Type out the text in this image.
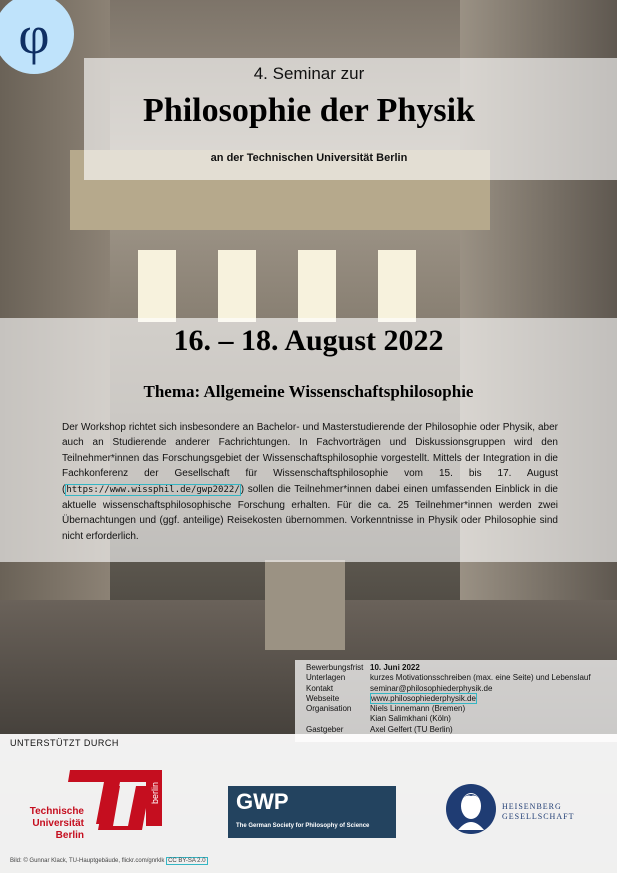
φ
4. Seminar zur
Philosophie der Physik
an der Technischen Universität Berlin
16. – 18. August 2022
Thema: Allgemeine Wissenschaftsphilosophie

Der Workshop richtet sich insbesondere an Bachelor- und Masterstudierende der Philosophie oder Physik, aber auch an Studierende anderer Fachrichtungen. In Fachvorträgen und Diskussionsgruppen wird den Teilnehmer*innen das Forschungsgebiet der Wissenschaftsphilosophie vorgestellt. Mittels der Integration in die Fachkonferenz der Gesellschaft für Wissenschaftsphilosophie vom 15. bis 17. August (https://www.wissphil.de/gwp2022/) sollen die Teilnehmer*innen dabei einen umfassenden Einblick in die aktuelle wissenschaftsphilosophische Forschung erhalten. Für die ca. 25 Teilnehmer*innen werden zwei Übernachtungen und (ggf. anteilige) Reisekosten übernommen. Vorkenntnisse in Physik oder Philosophie sind nicht erforderlich.

Bewerbungsfrist 10. Juni 2022
Unterlagen	kurzes Motivationsschreiben (max. eine Seite) und Lebenslauf
Kontakt	seminar@philosophiederphysik.de
Webseite	www.philosophiederphysik.de
Organisation Niels Linnemann (Bremen)
Kian Salimkhani (Köln)
Gastgeber	Axel Gelfert (TU Berlin)
UNTERSTÜTZT DURCH
berlin
Technische
Universität
Berlin
GWP
The German Society for Philosophy of Science
HEISENBERG
GESELLSCHAFT
Bild: © Gunnar Klack, TU-Hauptgebäude, flickr.com/gnrklk CC BY-SA 2.0
